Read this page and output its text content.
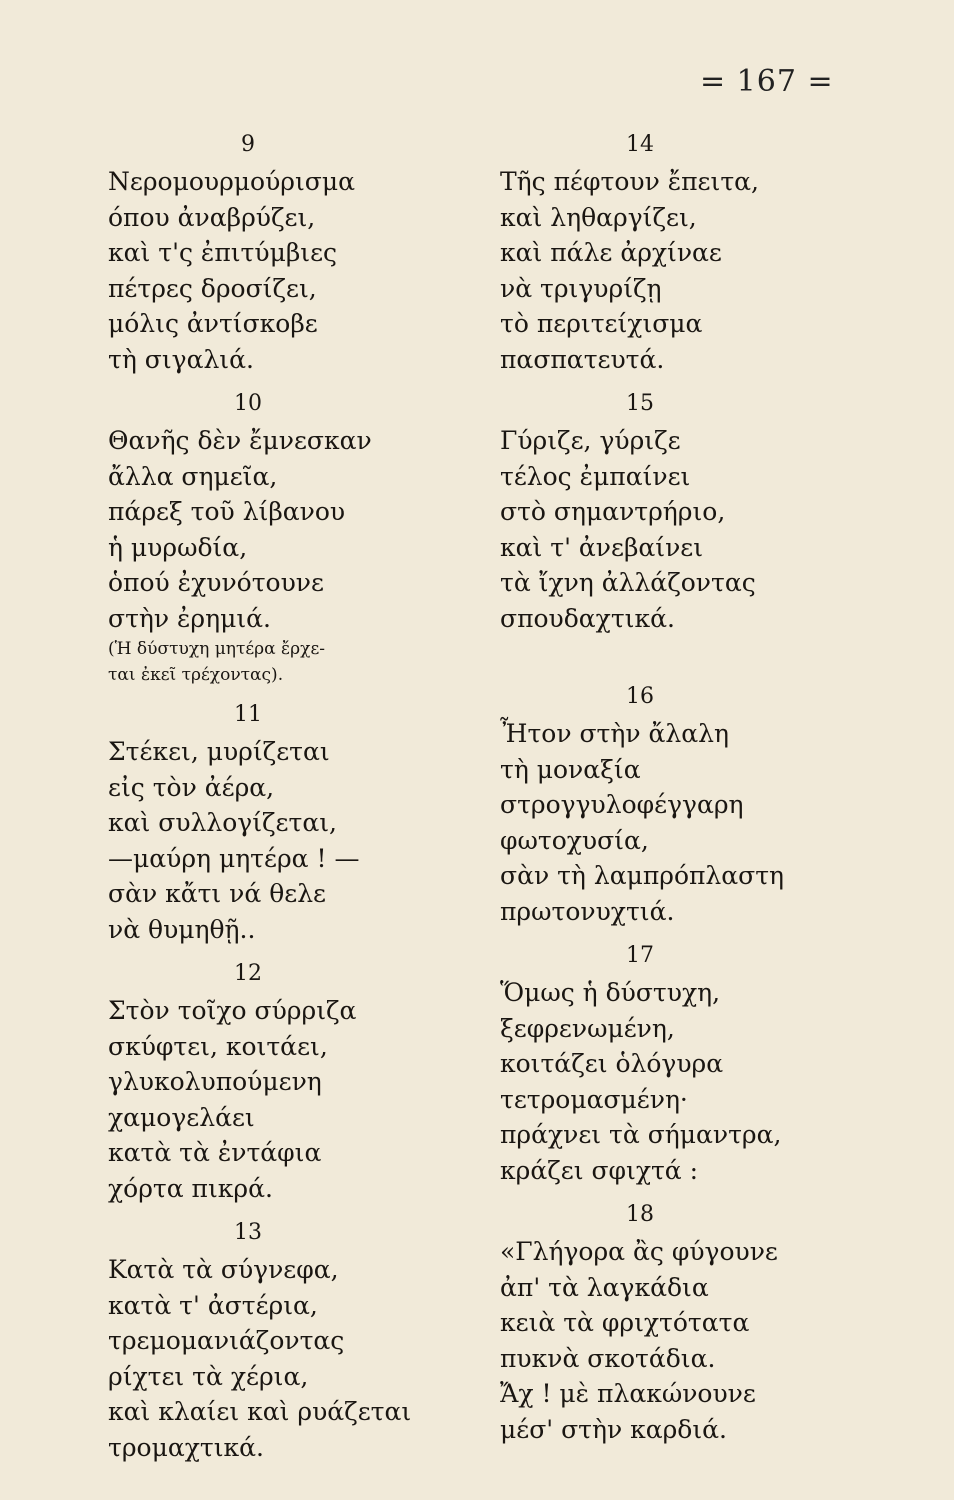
= 167 =
9
Νερομουρμούρισμα
όπου ἀναβρύζει,
καὶ τ'ς ἐπιτύμβιες
πέτρες δροσίζει,
μόλις ἀντίσκοβε
τὴ σιγαλιά.
10
Θανῆς δὲν ἔμνεσκαν
ἄλλα σημεῖα,
πάρεξ τοῦ λίβανου
ἡ μυρωδία,
ὁπού ἐχυνότουνε
στὴν ἐρημιά.
(Ἡ δύστυχη μητέρα ἔρχε-
ται ἐκεῖ τρέχοντας).
11
Στέκει, μυρίζεται
εἰς τὸν ἀέρα,
καὶ συλλογίζεται,
—μαύρη μητέρα ! —
σὰν κἄτι νά θελε
νὰ θυμηθῇ..
12
Στὸν τοῖχο σύρριζα
σκύφτει, κοιτάει,
γλυκολυπούμενη
χαμογελάει
κατὰ τὰ ἐντάφια
χόρτα πικρά.
13
Κατὰ τὰ σύγνεφα,
κατὰ τ' ἀστέρια,
τρεμομανιάζοντας
ρίχτει τὰ χέρια,
καὶ κλαίει καὶ ρυάζεται
τρομαχτικά.
14
Τῆς πέφτουν ἔπειτα,
καὶ ληθαργίζει,
καὶ πάλε ἀρχίναε
νὰ τριγυρίζῃ
τὸ περιτείχισμα
πασπατευτά.
15
Γύριζε, γύριζε
τέλος ἐμπαίνει
στὸ σημαντρήριο,
καὶ τ' ἀνεβαίνει
τὰ ἴχνη ἀλλάζοντας
σπουδαχτικά.
16
Ἦτον στὴν ἄλαλη
τὴ μοναξία
στρογγυλοφέγγαρη
φωτοχυσία,
σὰν τὴ λαμπρόπλαστη
πρωτονυχτιά.
17
Ὅμως ἡ δύστυχη,
ξεφρενωμένη,
κοιτάζει ὁλόγυρα
τετρομασμένη·
πράχνει τὰ σήμαντρα,
κράζει σφιχτά :
18
«Γλήγορα ἂς φύγουνε
ἀπ' τὰ λαγκάδια
κειὰ τὰ φριχτότατα
πυκνὰ σκοτάδια.
Ἄχ ! μὲ πλακώνουνε
μέσ' στὴν καρδιά.
